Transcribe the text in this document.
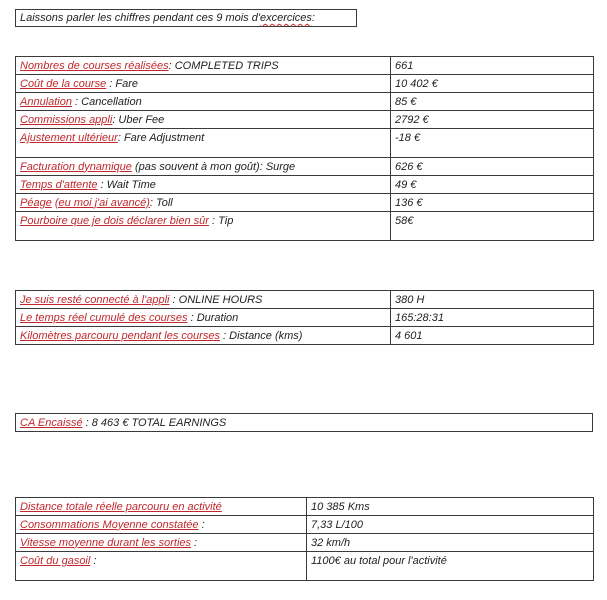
Laissons parler les chiffres pendant ces 9 mois d'excercices:
Nombres de courses réalisées: COMPLETED TRIPS	661
Coût de la course : Fare	10 402 €
Annulation : Cancellation	85 €
Commissions appli: Uber Fee	2792 €
Ajustement ultérieur: Fare Adjustment	-18 €
Facturation dynamique (pas souvent à mon goût): Surge	626 €
Temps d'attente : Wait Time	49 €
Péage (eu moi j'ai avancé): Toll	136 €
Pourboire que je dois déclarer bien sûr : Tip	58€
Je suis resté connecté à l'appli : ONLINE HOURS	380 H
Le temps réel cumulé des courses : Duration	165:28:31
Kilomètres parcouru pendant les courses : Distance (kms)	4 601
CA Encaissé : 8 463 € TOTAL EARNINGS
Distance totale réelle parcouru en activité	10 385 Kms
Consommations Moyenne constatée :	7,33 L/100
Vitesse moyenne durant les sorties :	32 km/h
Coût du gasoil :	1100€ au total pour l'activité
